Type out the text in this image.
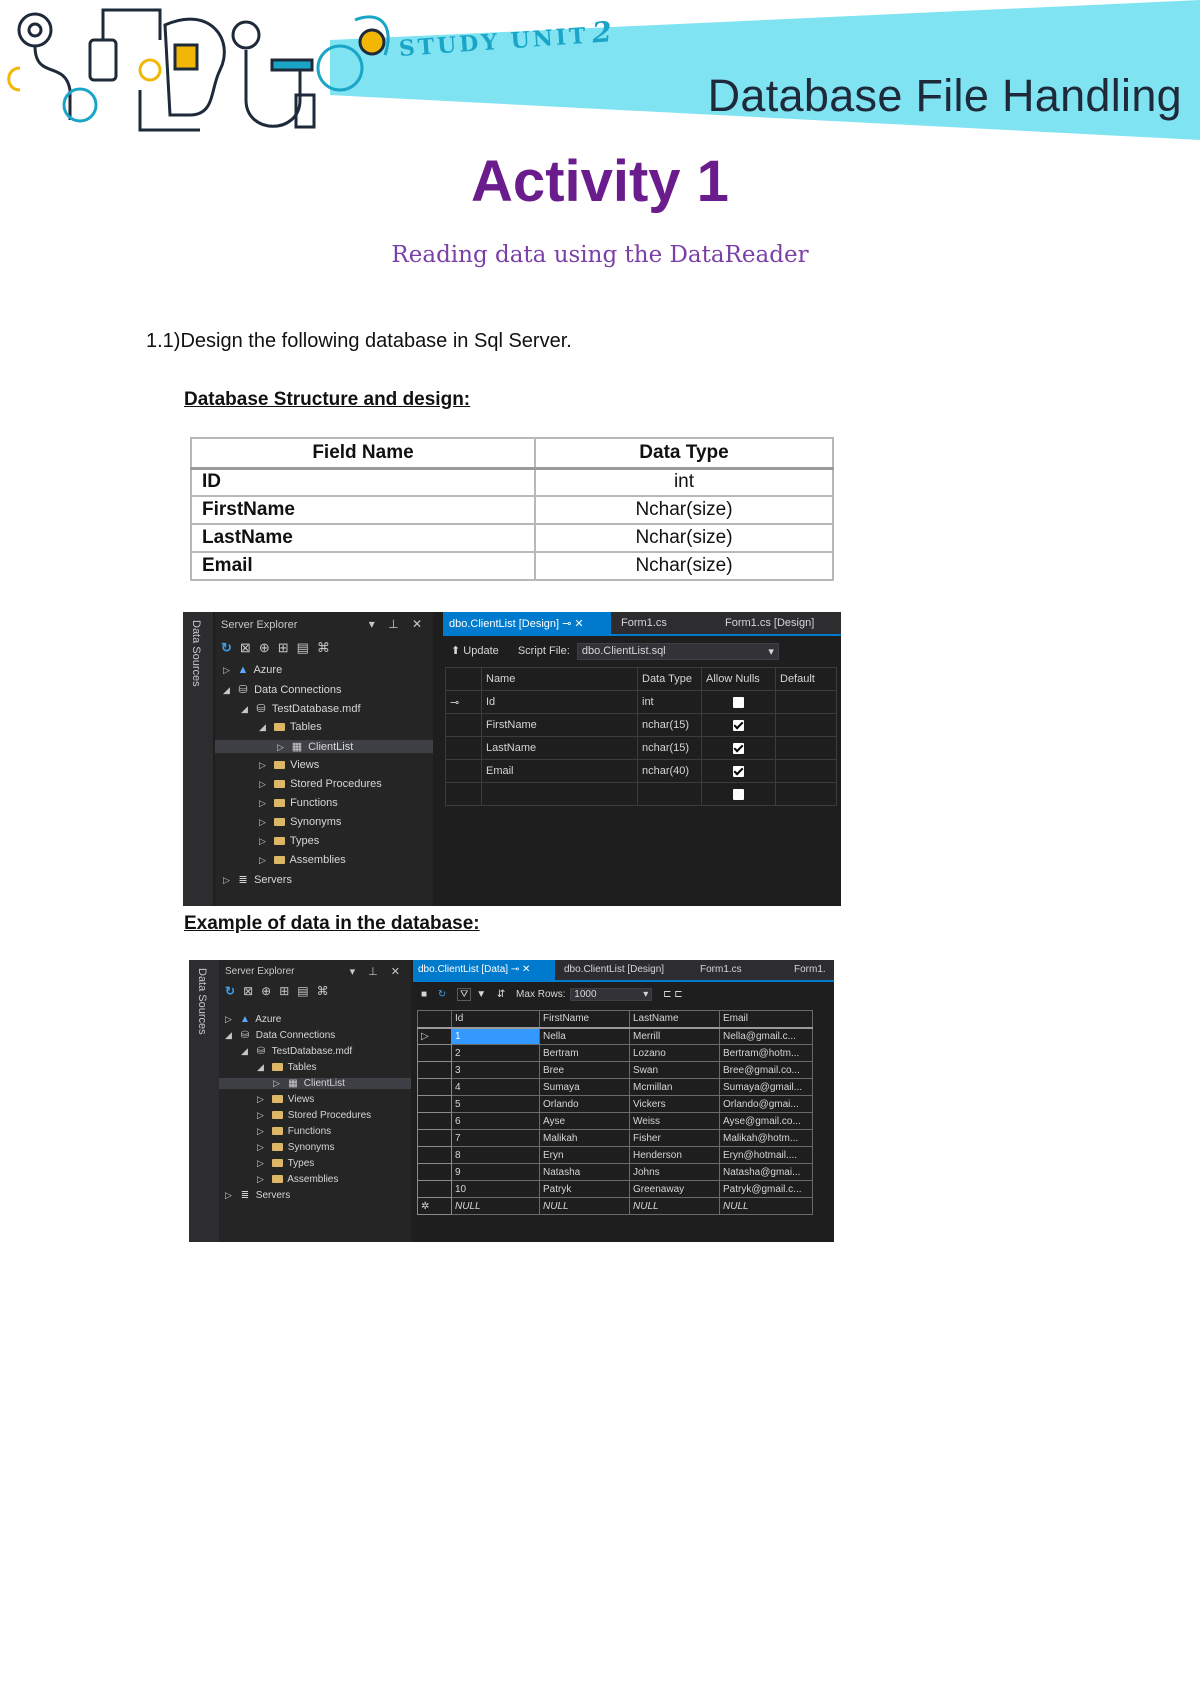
STUDY UNIT2
Database File Handling
Activity 1
Reading data using the DataReader
1.1)Design the following database in Sql Server.
Database Structure and design:
Field Name	Data Type
ID	int
FirstName	Nchar(size)
LastName	Nchar(size)
Email	Nchar(size)
Data Sources Server Explorer	▾ ⊥ ✕
↻⊠⊕⊞▤⌘
▷ ▲ Azure
◢ ⛁ Data Connections
◢ ⛁ TestDatabase.mdf
◢ Tables
▷ ▦ ClientList
▷ Views
▷ Stored Procedures
▷ Functions
▷ Synonyms
▷ Types
▷ Assemblies
▷ ≣ Servers
dbo.ClientList [Design] ⊸ ✕	Form1.cs	Form1.cs [Design]
⬆ Update Script File: dbo.ClientList.sql	▾
	Name	Data Type	Allow Nulls	Default
⊸	Id	int		
	FirstName	nchar(15)		
	LastName	nchar(15)		
	Email	nchar(40)		

Example of data in the database:
Data Sources Server Explorer	▾ ⊥ ✕
↻⊠⊕⊞▤⌘
▷ ▲ Azure
◢ ⛁ Data Connections
◢ ⛁ TestDatabase.mdf
◢ Tables
▷ ▦ ClientList
▷ Views
▷ Stored Procedures
▷ Functions
▷ Synonyms
▷ Types
▷ Assemblies
▷ ≣ Servers
dbo.ClientList [Data] ⊸ ✕	dbo.ClientList [Design]	Form1.cs	Form1.
■ ↻ ⛛ ▼ ⇵ Max Rows: 1000	▾ ⊏ ⊏
	Id	FirstName	LastName	Email
▷	1	Nella	Merrill	Nella@gmail.c...
	2	Bertram	Lozano	Bertram@hotm...
	3	Bree	Swan	Bree@gmail.co...
	4	Sumaya	Mcmillan	Sumaya@gmail...
	5	Orlando	Vickers	Orlando@gmai...
	6	Ayse	Weiss	Ayse@gmail.co...
	7	Malikah	Fisher	Malikah@hotm...
	8	Eryn	Henderson	Eryn@hotmail....
	9	Natasha	Johns	Natasha@gmai...
	10	Patryk	Greenaway	Patryk@gmail.c...
✲	NULL	NULL	NULL	NULL
